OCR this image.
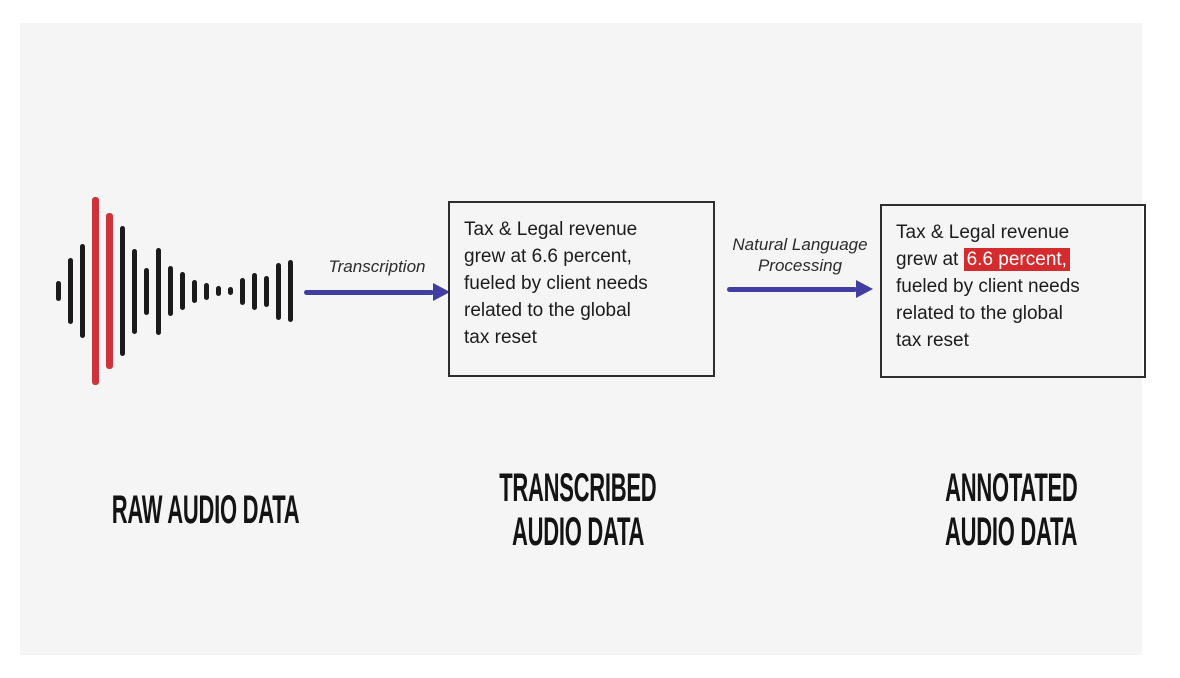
Transcription
Tax & Legal revenue
grew at 6.6 percent,
fueled by client needs
related to the global
tax reset
Natural Language
Processing
Tax & Legal revenue
grew at 6.6 percent,
fueled by client needs
related to the global
tax reset
RAW AUDIO DATA	TRANSCRIBED
AUDIO DATA
ANNOTATED
AUDIO DATA
